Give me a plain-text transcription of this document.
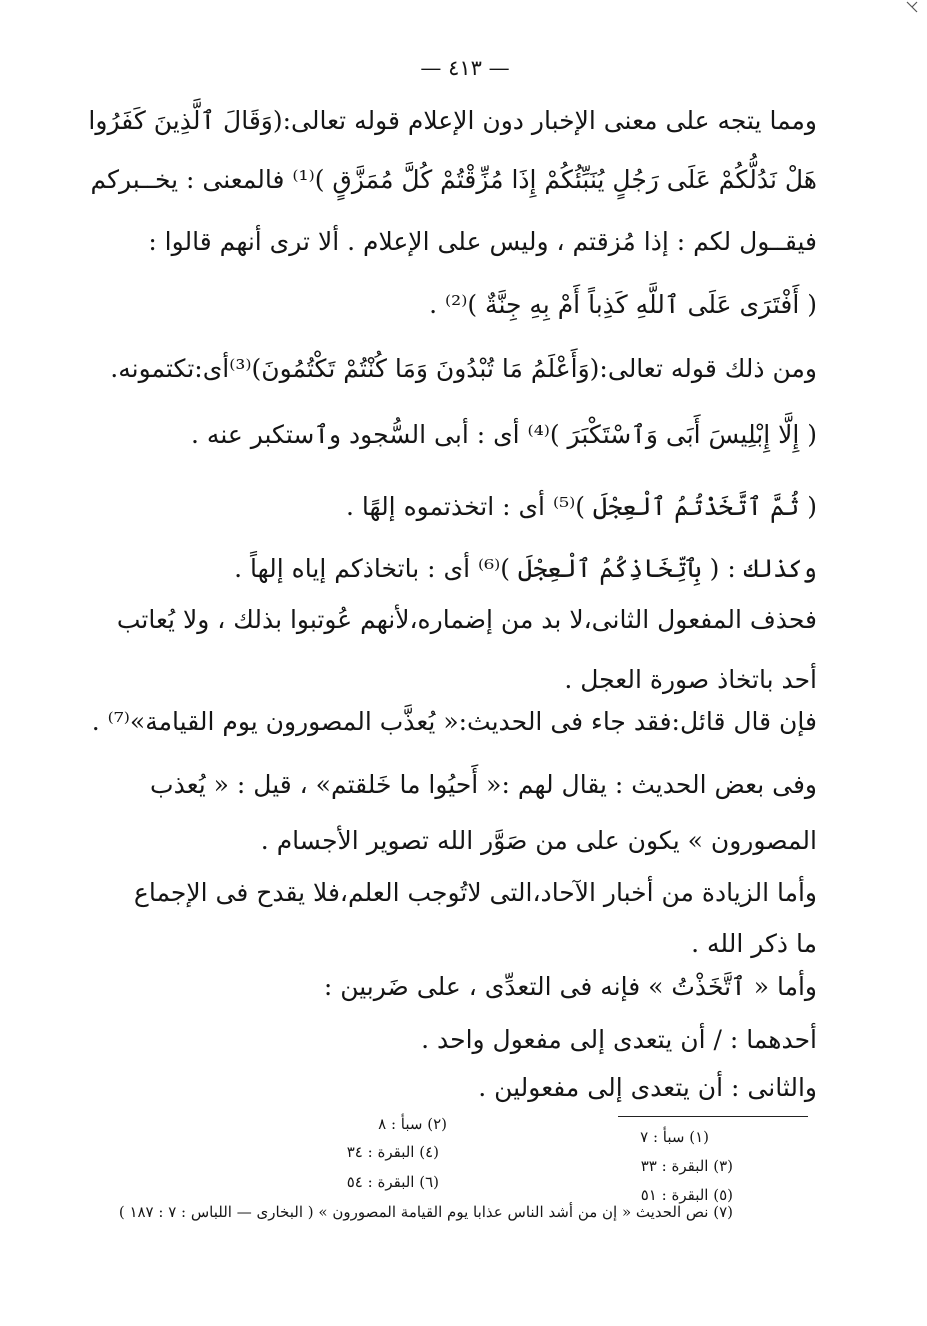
— ٤١٣ —
ومما يتجه على معنى الإخبار دون الإعلام قوله تعالى:(وَقَالَ ٱلَّذِينَ كَفَرُوا
هَلْ نَدُلُّكُمْ عَلَى رَجُلٍ يُنَبِّئُكُمْ إِذَا مُزِّقْتُمْ كُلَّ مُمَزَّقٍ )⁽¹⁾ فالمعنى : يخــبركم
فيقــول لكم : إذا مُزقتم ، وليس على الإعلام . ألا ترى أنهم قالوا :
( أَفْتَرَى عَلَى ٱللَّهِ كَذِباً أَمْ بِهِ جِنَّةٌ )⁽²⁾ .
ومن ذلك قوله تعالى:(وَأَعْلَمُ مَا تُبْدُونَ وَمَا كُنْتُمْ تَكْتُمُونَ)⁽³⁾أى:تكتمونه.
( إِلَّا إِبْلِيسَ أَبَى وَٱسْتَكْبَرَ )⁽⁴⁾ أى : أبى السُّجود وٱستكبر عنه .
( ثُمَّ ٱتَّخَذْتُمُ ٱلْعِجْلَ )⁽⁵⁾ أى : اتخذتموه إلهًا .
وكذلك : ( بِٱتِّخَاذِكُمُ ٱلْعِجْلَ )⁽⁶⁾ أى : باتخاذكم إياه إلهاً .
فحذف المفعول الثانى،لا بد من إضماره،لأنهم عُوتبوا بذلك ، ولا يُعاتب
أحد باتخاذ صورة العجل .
فإن قال قائل:فقد جاء فى الحديث:« يُعذَّب المصورون يوم القيامة»⁽⁷⁾ .
وفى بعض الحديث : يقال لهم :« أَحيُوا ما خَلقتم» ، قيل : « يُعذب
المصورون » يكون على من صَوَّر الله تصوير الأجسام .
وأما الزيادة من أخبار الآحاد،التى لاتُوجب العلم،فلا يقدح فى الإجماع
ما ذكر الله .
وأما « ٱتَّخَذْتُ » فإنه فى التعدِّى ، على ضَربين :
أحدهما : / أن يتعدى إلى مفعول واحد .
والثانى : أن يتعدى إلى مفعولين .
(١) سبأ : ٧
(٢) سبأ : ٨
(٣) البقرة : ٣٣
(٤) البقرة : ٣٤
(٥) البقرة : ٥١
(٦) البقرة : ٥٤
(٧) نص الحديث « إن من أشد الناس عذابا يوم القيامة المصورون » ( البخارى — اللباس : ٧ : ١٨٧ )
